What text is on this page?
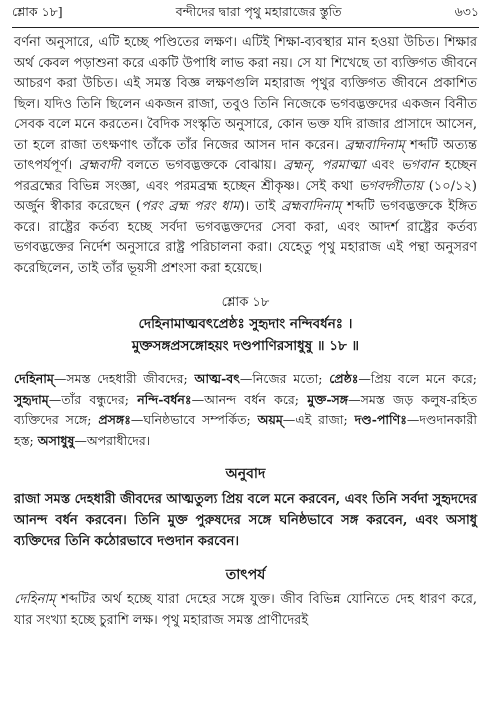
শ্লোক ১৮]	বন্দীদের দ্বারা পৃথু মহারাজের স্তুতি	৬৩১

বর্ণনা অনুসারে, এটি হচ্ছে পণ্ডিতের লক্ষণ। এটিই শিক্ষা-ব্যবস্থার মান হওয়া উচিত। শিক্ষার অর্থ কেবল পড়াশুনা করে একটি উপাধি লাভ করা নয়। সে যা শিখেছে তা ব্যক্তিগত জীবনে আচরণ করা উচিত। এই সমস্ত বিজ্ঞ লক্ষণগুলি মহারাজ পৃথুর ব্যক্তিগত জীবনে প্রকাশিত ছিল। যদিও তিনি ছিলেন একজন রাজা, তবুও তিনি নিজেকে ভগবদ্ভক্তদের একজন বিনীত সেবক বলে মনে করতেন। বৈদিক সংস্কৃতি অনুসারে, কোন ভক্ত যদি রাজার প্রাসাদে আসেন, তা হলে রাজা তৎক্ষণাৎ তাঁকে তাঁর নিজের আসন দান করেন। ব্রহ্মবাদিনাম্ শব্দটি অত্যন্ত তাৎপর্যপূর্ণ। ব্রহ্মবাদী বলতে ভগবদ্ভক্তকে বোঝায়। ব্রহ্মন্, পরমাত্মা এবং ভগবান হচ্ছেন পরব্রহ্মের বিভিন্ন সংজ্ঞা, এবং পরমব্রহ্ম হচ্ছেন শ্রীকৃষ্ণ। সেই কথা ভগবদ্গীতায় (১০/১২) অর্জুন স্বীকার করেছেন (পরং ব্রহ্ম পরং ধাম)। তাই ব্রহ্মবাদিনাম্ শব্দটি ভগবদ্ভক্তকে ইঙ্গিত করে। রাষ্ট্রের কর্তব্য হচ্ছে সর্বদা ভগবদ্ভক্তদের সেবা করা, এবং আদর্শ রাষ্ট্রের কর্তব্য ভগবদ্ভক্তের নির্দেশ অনুসারে রাষ্ট্র পরিচালনা করা। যেহেতু পৃথু মহারাজ এই পন্থা অনুসরণ করেছিলেন, তাই তাঁর ভূয়সী প্রশংসা করা হয়েছে।

শ্লোক ১৮
দেহিনামাত্মবৎপ্রেষ্ঠঃ সুহৃদাং নন্দিবর্ধনঃ ।
মুক্তসঙ্গপ্রসঙ্গোহয়ং দণ্ডপাণিরসাধুষু ॥ ১৮ ॥
দেহিনাম্—সমস্ত দেহধারী জীবদের; আত্ম-বৎ—নিজের মতো; প্রেষ্ঠঃ—প্রিয় বলে মনে করে; সুহৃদাম্—তাঁর বন্ধুদের; নন্দি-বর্ধনঃ—আনন্দ বর্ধন করে; মুক্ত-সঙ্গ—সমস্ত জড় কলুষ-রহিত ব্যক্তিদের সঙ্গে; প্রসঙ্গঃ—ঘনিষ্ঠভাবে সম্পর্কিত; অয়ম্—এই রাজা; দণ্ড-পাণিঃ—দণ্ডদানকারী হস্ত; অসাধুষু—অপরাধীদের।
অনুবাদ
রাজা সমস্ত দেহধারী জীবদের আত্মতুল্য প্রিয় বলে মনে করবেন, এবং তিনি সর্বদা সুহৃদদের আনন্দ বর্ধন করবেন। তিনি মুক্ত পুরুষদের সঙ্গে ঘনিষ্ঠভাবে সঙ্গ করবেন, এবং অসাধু ব্যক্তিদের তিনি কঠোরভাবে দণ্ডদান করবেন।
তাৎপর্য
দেহিনাম্ শব্দটির অর্থ হচ্ছে যারা দেহের সঙ্গে যুক্ত। জীব বিভিন্ন যোনিতে দেহ ধারণ করে, যার সংখ্যা হচ্ছে চুরাশি লক্ষ। পৃথু মহারাজ সমস্ত প্রাণীদেরই
